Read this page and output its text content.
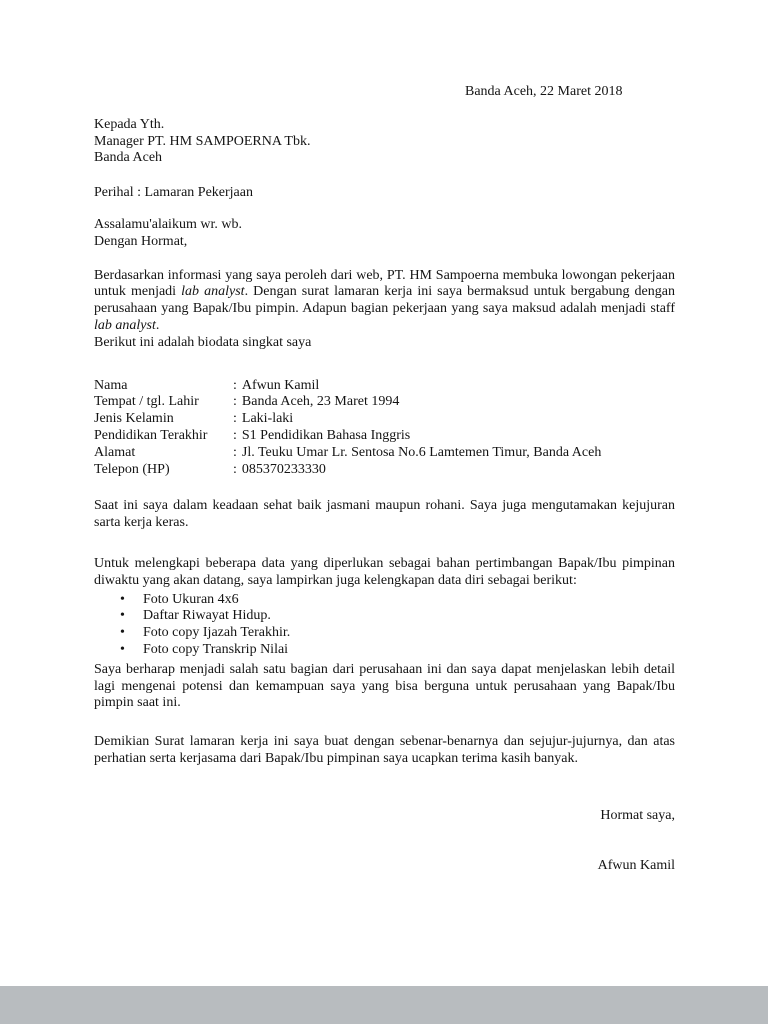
Banda Aceh, 22 Maret 2018
Kepada Yth.
Manager PT. HM SAMPOERNA Tbk.
Banda Aceh
Perihal : Lamaran Pekerjaan
Assalamu'alaikum wr. wb.
Dengan Hormat,

Berdasarkan informasi yang saya peroleh dari web, PT. HM Sampoerna membuka lowongan pekerjaan untuk menjadi lab analyst. Dengan surat lamaran kerja ini saya bermaksud untuk bergabung dengan perusahaan yang Bapak/Ibu pimpin. Adapun bagian pekerjaan yang saya maksud adalah menjadi staff lab analyst.

Berikut ini adalah biodata singkat saya
Nama	: Afwun Kamil
Tempat / tgl. Lahir : Banda Aceh, 23 Maret 1994
Jenis Kelamin	: Laki-laki
Pendidikan Terakhir : S1 Pendidikan Bahasa Inggris
Alamat	: Jl. Teuku Umar Lr. Sentosa No.6 Lamtemen Timur, Banda Aceh
Telepon (HP)	: 085370233330

Saat ini saya dalam keadaan sehat baik jasmani maupun rohani. Saya juga mengutamakan kejujuran sarta kerja keras.

Untuk melengkapi beberapa data yang diperlukan sebagai bahan pertimbangan Bapak/Ibu pimpinan diwaktu yang akan datang, saya lampirkan juga kelengkapan data diri sebagai berikut:

• Foto Ukuran 4x6
• Daftar Riwayat Hidup.
• Foto copy Ijazah Terakhir.
• Foto copy Transkrip Nilai

Saya berharap menjadi salah satu bagian dari perusahaan ini dan saya dapat menjelaskan lebih detail lagi mengenai potensi dan kemampuan saya yang bisa berguna untuk perusahaan yang Bapak/Ibu pimpin saat ini.

Demikian Surat lamaran kerja ini saya buat dengan sebenar-benarnya dan sejujur-jujurnya, dan atas perhatian serta kerjasama dari Bapak/Ibu pimpinan saya ucapkan terima kasih banyak.

Hormat saya,
Afwun Kamil
